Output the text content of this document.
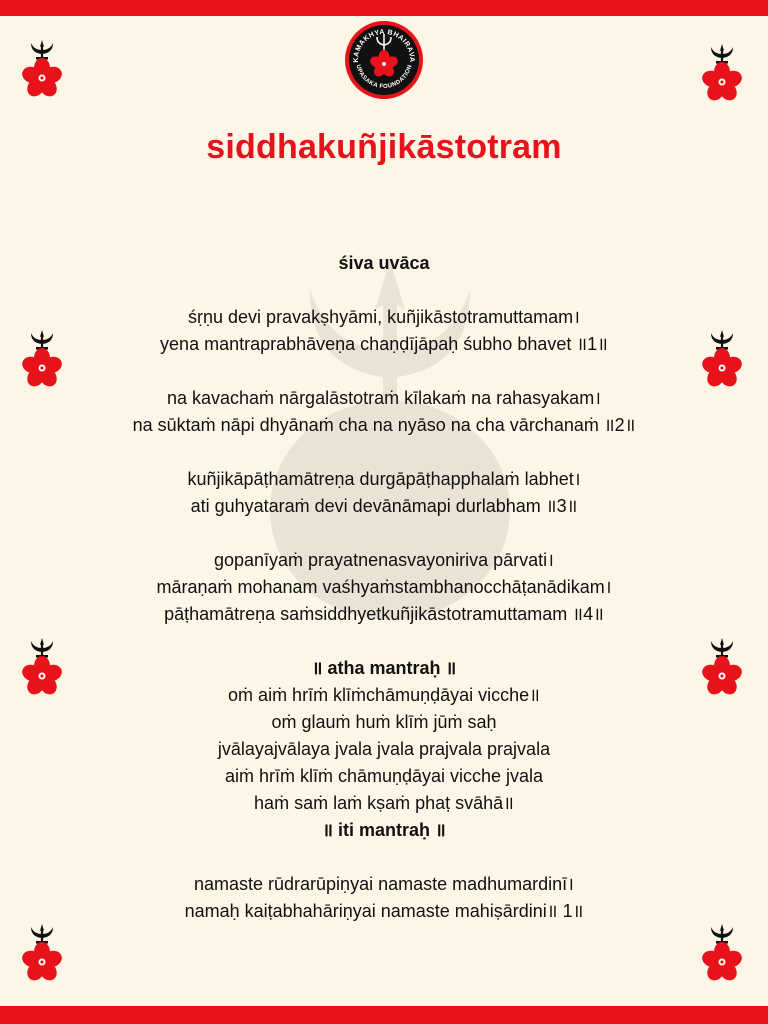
KAMAKHYA BHAIRAVA
UPASAKA FOUNDATION
siddhakuñjikāstotram
śiva uvāca
śṛṇu devi pravakṣhyāmi, kuñjikāstotramuttamam।
yena mantraprabhāveṇa chaṇḍījāpaḥ śubho bhavet ॥1॥
na kavachaṁ nārgalāstotraṁ kīlakaṁ na rahasyakam।
na sūktaṁ nāpi dhyānaṁ cha na nyāso na cha vārchanaṁ ॥2॥
kuñjikāpāṭhamātreṇa durgāpāṭhapphalaṁ labhet।
ati guhyataraṁ devi devānāmapi durlabham ॥3॥
gopanīyaṁ prayatnenasvayoniriva pārvati।
māraṇaṁ mohanam vaśhyaṁstambhanocchāṭanādikam।
pāṭhamātreṇa saṁsiddhyetkuñjikāstotramuttamam ॥4॥
॥ atha mantraḥ ॥
oṁ aiṁ hrīṁ klīṁchāmuṇḍāyai vicche॥
oṁ glauṁ huṁ klīṁ jūṁ saḥ
jvālayajvālaya jvala jvala prajvala prajvala
aiṁ hrīṁ klīṁ chāmuṇḍāyai vicche jvala
haṁ saṁ laṁ kṣaṁ phaṭ svāhā॥
॥ iti mantraḥ ॥
namaste rūdrarūpiṇyai namaste madhumardinī।
namaḥ kaiṭabhahāriṇyai namaste mahiṣārdini॥ 1॥
